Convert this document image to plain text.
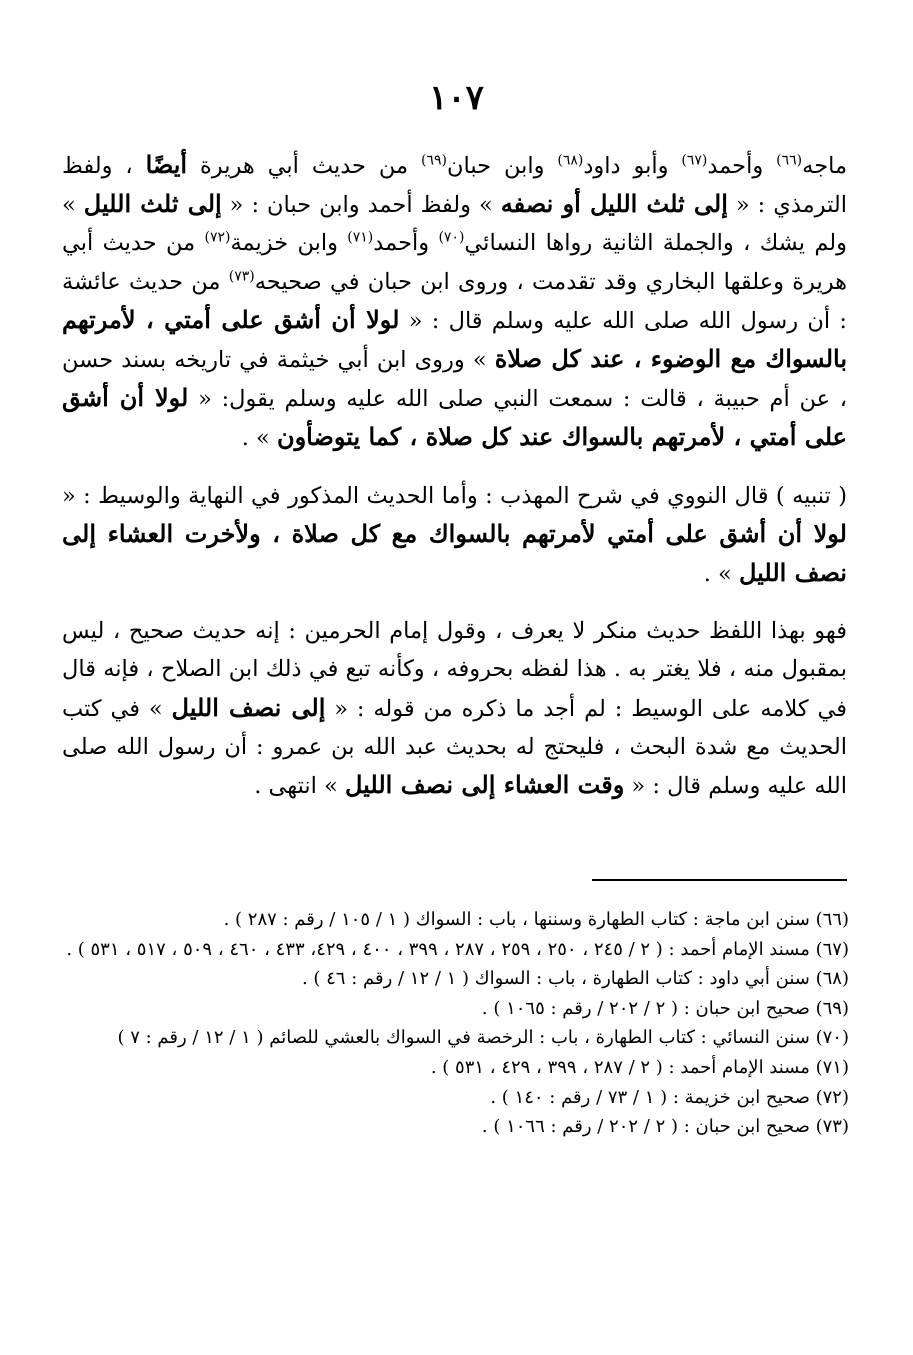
١٠٧

ماجه$^{(٦٦)}$ وأحمد$^{(٦٧)}$ وأبو داود$^{(٦٨)}$ وابن حبان$^{(٦٩)}$ من حديث أبي هريرة أيضًا ، ولفظ الترمذي : « إلى ثلث الليل أو نصفه » ولفظ أحمد وابن حبان : « إلى ثلث الليل » ولم يشك ، والجملة الثانية رواها النسائي$^{(٧٠)}$ وأحمد$^{(٧١)}$ وابن خزيمة$^{(٧٢)}$ من حديث أبي هريرة وعلقها البخاري وقد تقدمت ، وروى ابن حبان في صحيحه$^{(٧٣)}$ من حديث عائشة : أن رسول الله صلى الله عليه وسلم قال : « لولا أن أشق على أمتي ، لأمرتهم بالسواك مع الوضوء ، عند كل صلاة » وروى ابن أبي خيثمة في تاريخه بسند حسن ، عن أم حبيبة ، قالت : سمعت النبي صلى الله عليه وسلم يقول: « لولا أن أشق على أمتي ، لأمرتهم بالسواك عند كل صلاة ، كما يتوضأون » .

( تنبيه ) قال النووي في شرح المهذب : وأما الحديث المذكور في النهاية والوسيط : « لولا أن أشق على أمتي لأمرتهم بالسواك مع كل صلاة ، ولأخرت العشاء إلى نصف الليل » .

فهو بهذا اللفظ حديث منكر لا يعرف ، وقول إمام الحرمين : إنه حديث صحيح ، ليس بمقبول منه ، فلا يغتر به . هذا لفظه بحروفه ، وكأنه تبع في ذلك ابن الصلاح ، فإنه قال في كلامه على الوسيط : لم أجد ما ذكره من قوله : « إلى نصف الليل » في كتب الحديث مع شدة البحث ، فليحتج له بحديث عبد الله بن عمرو : أن رسول الله صلى الله عليه وسلم قال : « وقت العشاء إلى نصف الليل » انتهى .

(٦٦) سنن ابن ماجة : كتاب الطهارة وسننها ، باب : السواك ( ١ / ١٠٥ / رقم : ٢٨٧ ) .
(٦٧) مسند الإمام أحمد : ( ٢ / ٢٤٥ ، ٢٥٠ ، ٢٥٩ ، ٢٨٧ ، ٣٩٩ ، ٤٠٠ ، ٤٢٩، ٤٣٣ ، ٤٦٠ ، ٥٠٩ ، ٥١٧ ، ٥٣١ ) .
(٦٨) سنن أبي داود : كتاب الطهارة ، باب : السواك ( ١ / ١٢ / رقم : ٤٦ ) .
(٦٩) صحيح ابن حبان : ( ٢ / ٢٠٢ / رقم : ١٠٦٥ ) .
(٧٠) سنن النسائي : كتاب الطهارة ، باب : الرخصة في السواك بالعشي للصائم ( ١ / ١٢ / رقم : ٧ )
(٧١) مسند الإمام أحمد : ( ٢ / ٢٨٧ ، ٣٩٩ ، ٤٢٩ ، ٥٣١ ) .
(٧٢) صحيح ابن خزيمة : ( ١ / ٧٣ / رقم : ١٤٠ ) .
(٧٣) صحيح ابن حبان : ( ٢ / ٢٠٢ / رقم : ١٠٦٦ ) .
